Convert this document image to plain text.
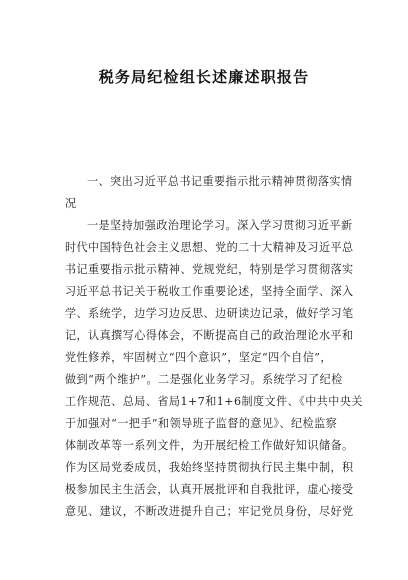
税务局纪检组长述廉述职报告
一、突出习近平总书记重要指示批示精神贯彻落实情
况
一是坚持加强政治理论学习。深入学习贯彻习近平新
时代中国特色社会主义思想、党的二十大精神及习近平总
书记重要指示批示精神、党规党纪，特别是学习贯彻落实
习近平总书记关于税收工作重要论述，坚持全面学、深入
学、系统学，边学习边反思、边研读边记录，做好学习笔
记，认真撰写心得体会，不断提高自己的政治理论水平和
党性修养，牢固树立“四个意识”，坚定“四个自信”，
做到“两个维护”。二是强化业务学习。系统学习了纪检
工作规范、总局、省局1+7和1+6制度文件、《中共中央关
于加强对“一把手”和领导班子监督的意见》、纪检监察
体制改革等一系列文件，为开展纪检工作做好知识储备。
作为区局党委成员，我始终坚持贯彻执行民主集中制，积
极参加民主生活会，认真开展批评和自我批评，虚心接受
意见、建议，不断改进提升自己；牢记党员身份，尽好党
